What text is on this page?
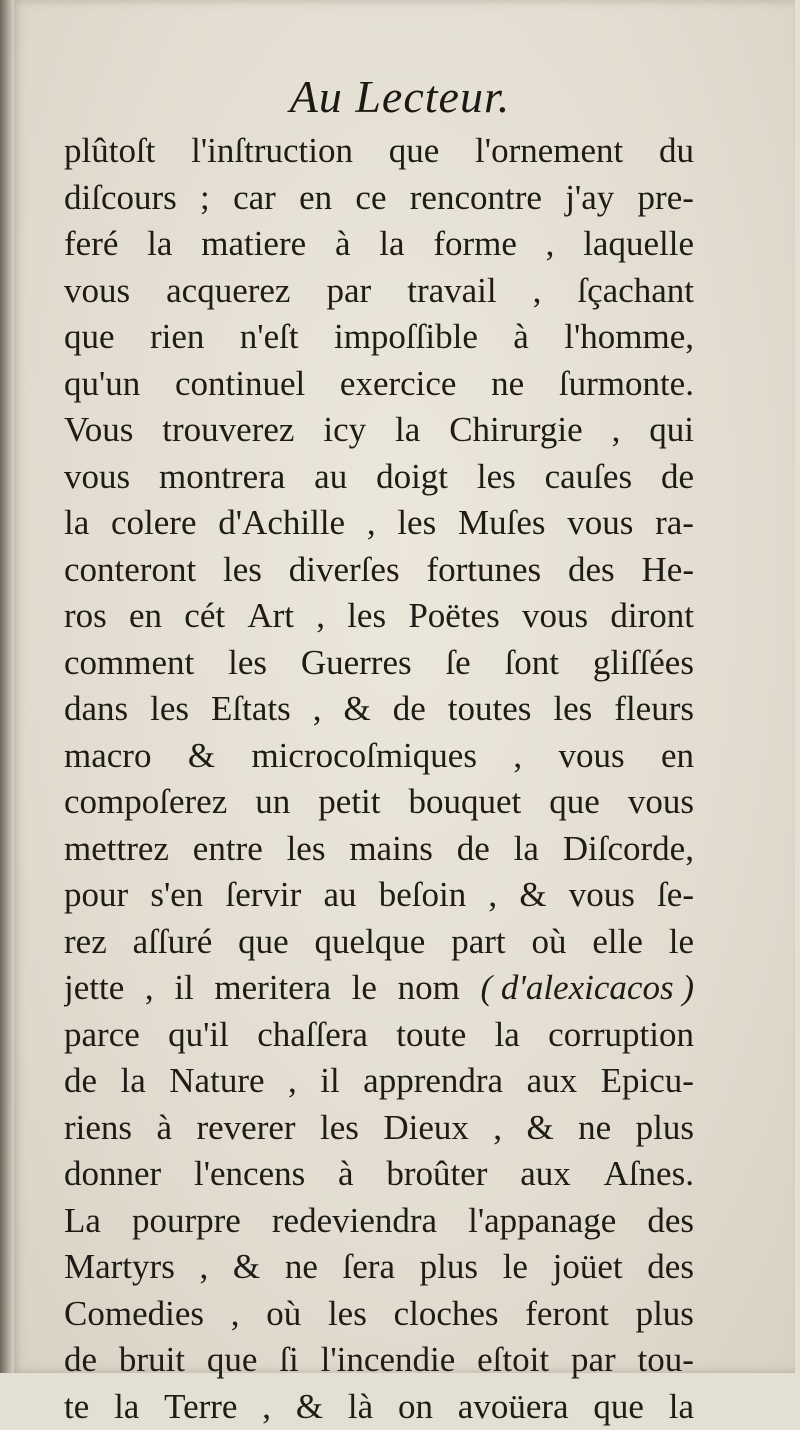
Au Lecteur.
plûtoſt l'inſtruction que l'ornement du
diſcours ; car en ce rencontre j'ay pre-
feré la matiere à la forme , laquelle
vous acquerez par travail , ſçachant
que rien n'eſt impoſſible à l'homme,
qu'un continuel exercice ne ſurmonte.
Vous trouverez icy la Chirurgie , qui
vous montrera au doigt les cauſes de
la colere d'Achille , les Muſes vous ra-
conteront les diverſes fortunes des He-
ros en cét Art , les Poëtes vous diront
comment les Guerres ſe ſont gliſſées
dans les Eſtats , & de toutes les fleurs
macro & microcoſmiques , vous en
compoſerez un petit bouquet que vous
mettrez entre les mains de la Diſcorde,
pour s'en ſervir au beſoin , & vous ſe-
rez aſſuré que quelque part où elle le
jette , il meritera le nom ( d'alexicacos )
parce qu'il chaſſera toute la corruption
de la Nature , il apprendra aux Epicu-
riens à reverer les Dieux , & ne plus
donner l'encens à broûter aux Aſnes.
La pourpre redeviendra l'appanage des
Martyrs , & ne ſera plus le joüet des
Comedies , où les cloches feront plus
de bruit que ſi l'incendie eſtoit par tou-
te la Terre , & là on avoüera que la
